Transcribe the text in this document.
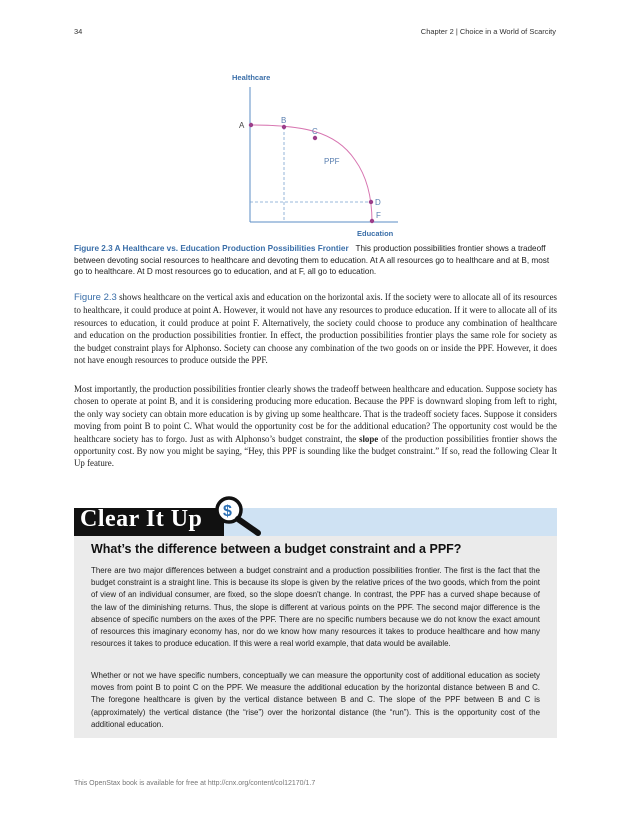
34	Chapter 2 | Choice in a World of Scarcity
Healthcare
Education
A
B
C
D
F
PPF
Figure 2.3 A Healthcare vs. Education Production Possibilities Frontier This production possibilities frontier shows a tradeoff between devoting social resources to healthcare and devoting them to education. At A all resources go to healthcare and at B, most go to healthcare. At D most resources go to education, and at F, all go to education.

Figure 2.3 shows healthcare on the vertical axis and education on the horizontal axis. If the society were to allocate all of its resources to healthcare, it could produce at point A. However, it would not have any resources to produce education. If it were to allocate all of its resources to education, it could produce at point F. Alternatively, the society could choose to produce any combination of healthcare and education on the production possibilities frontier. In effect, the production possibilities frontier plays the same role for society as the budget constraint plays for Alphonso. Society can choose any combination of the two goods on or inside the PPF. However, it does not have enough resources to produce outside the PPF.

Most importantly, the production possibilities frontier clearly shows the tradeoff between healthcare and education. Suppose society has chosen to operate at point B, and it is considering producing more education. Because the PPF is downward sloping from left to right, the only way society can obtain more education is by giving up some healthcare. That is the tradeoff society faces. Suppose it considers moving from point B to point C. What would the opportunity cost be for the additional education? The opportunity cost would be the healthcare society has to forgo. Just as with Alphonso’s budget constraint, the slope of the production possibilities frontier shows the opportunity cost. By now you might be saying, “Hey, this PPF is sounding like the budget constraint.” If so, read the following Clear It Up feature.

Clear It Up $
What’s the difference between a budget constraint and a PPF?

There are two major differences between a budget constraint and a production possibilities frontier. The first is the fact that the budget constraint is a straight line. This is because its slope is given by the relative prices of the two goods, which from the point of view of an individual consumer, are fixed, so the slope doesn't change. In contrast, the PPF has a curved shape because of the law of the diminishing returns. Thus, the slope is different at various points on the PPF. The second major difference is the absence of specific numbers on the axes of the PPF. There are no specific numbers because we do not know the exact amount of resources this imaginary economy has, nor do we know how many resources it takes to produce healthcare and how many resources it takes to produce education. If this were a real world example, that data would be available.

Whether or not we have specific numbers, conceptually we can measure the opportunity cost of additional education as society moves from point B to point C on the PPF. We measure the additional education by the horizontal distance between B and C. The foregone healthcare is given by the vertical distance between B and C. The slope of the PPF between B and C is (approximately) the vertical distance (the “rise”) over the horizontal distance (the “run”). This is the opportunity cost of the additional education.

This OpenStax book is available for free at http://cnx.org/content/col12170/1.7
